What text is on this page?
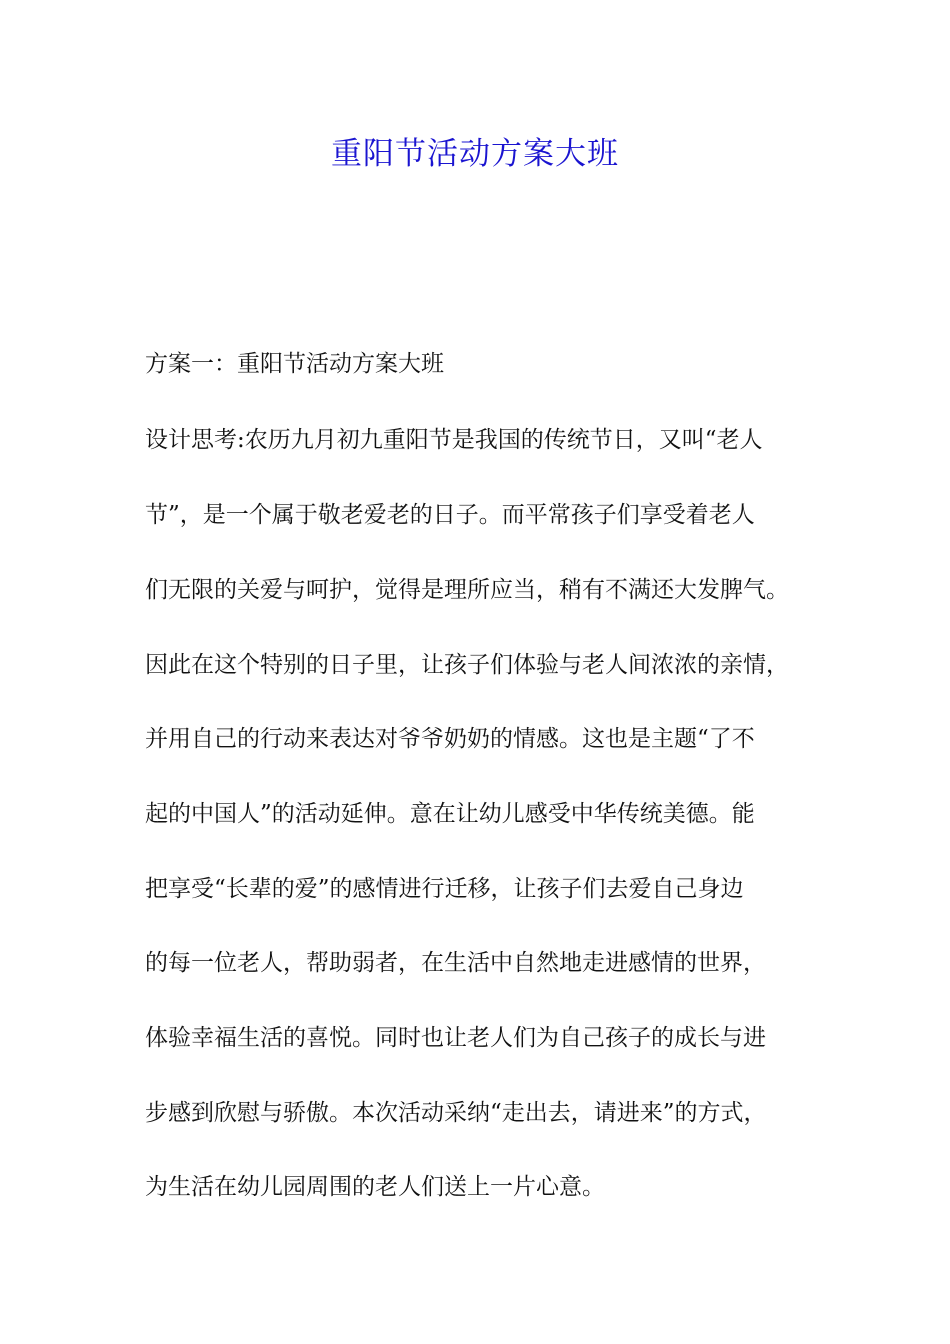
重阳节活动方案大班

方案一：重阳节活动方案大班

设计思考:农历九月初九重阳节是我国的传统节日，又叫“老人

节”，是一个属于敬老爱老的日子。而平常孩子们享受着老人

们无限的关爱与呵护，觉得是理所应当，稍有不满还大发脾气。

因此在这个特别的日子里，让孩子们体验与老人间浓浓的亲情，

并用自己的行动来表达对爷爷奶奶的情感。这也是主题“了不

起的中国人”的活动延伸。意在让幼儿感受中华传统美德。能

把享受“长辈的爱”的感情进行迁移，让孩子们去爱自己身边

的每一位老人，帮助弱者，在生活中自然地走进感情的世界，

体验幸福生活的喜悦。同时也让老人们为自己孩子的成长与进

步感到欣慰与骄傲。本次活动采纳“走出去，请进来”的方式，

为生活在幼儿园周围的老人们送上一片心意。
